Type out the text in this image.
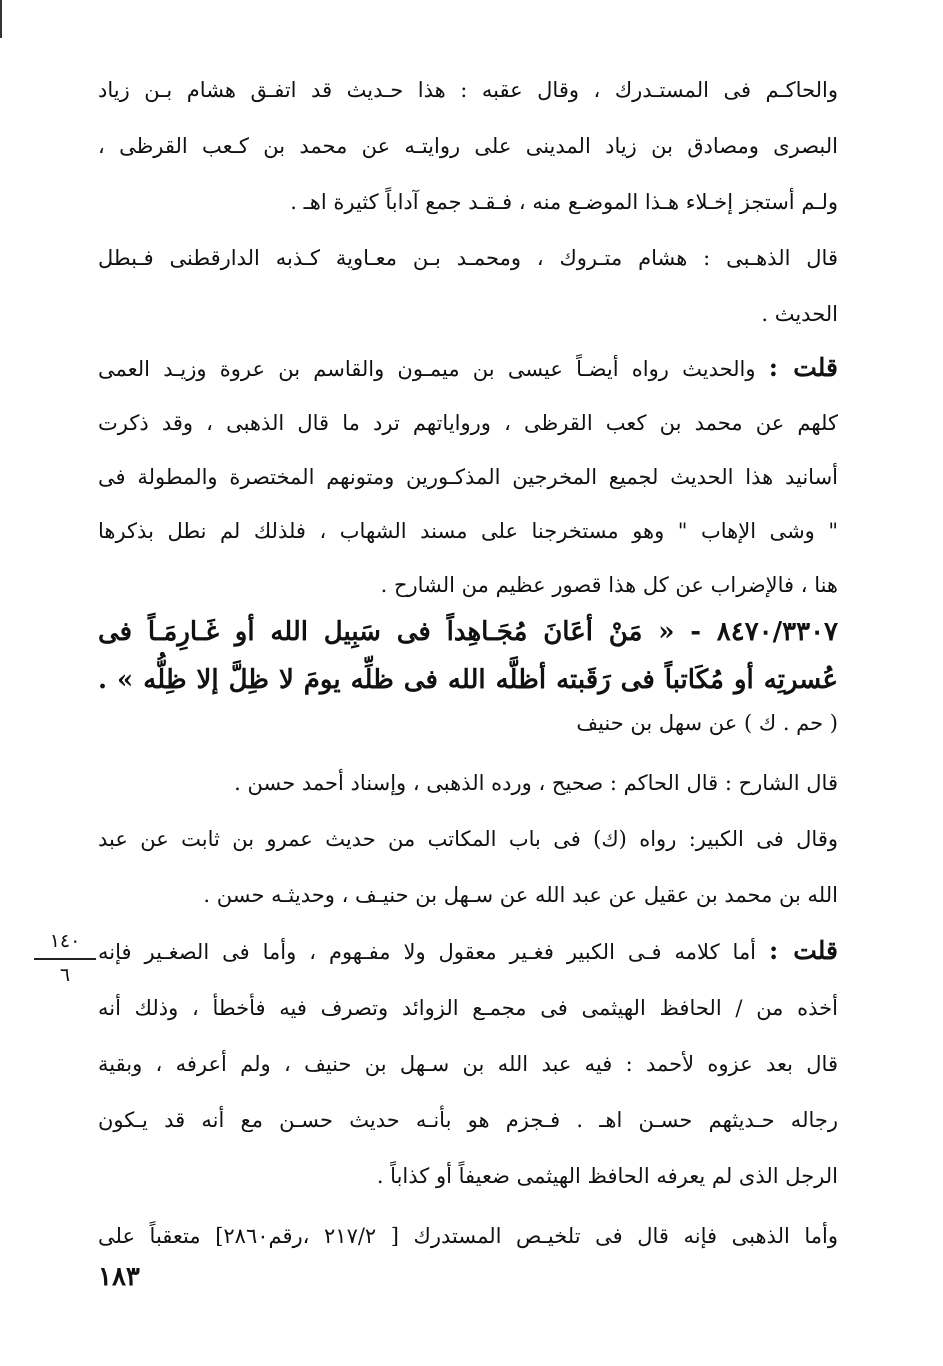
والحاكـم فى المستـدرك ، وقال عقبه : هذا حـديث قد اتفـق هشام بـن زياد
البصرى ومصادق بن زياد المدينى على روايتـه عن محمد بن كـعب القرظى ،
ولـم أستجز إخـلاء هـذا الموضـع منه ، فـقـد جمع آداباً كثيرة اهـ .
قال الذهـبى : هشام متـروك ، ومحمـد بـن معـاوية كـذبه الدارقطنى فـبطل
الحديث .
قلت : والحديث رواه أيضـاً عيسى بن ميمـون والقاسم بن عروة وزيـد العمى
كلهم عن محمد بن كعب القرظى ، ورواياتهم ترد ما قال الذهبى ، وقد ذكرت
أسانيد هذا الحديث لجميع المخرجين المذكـورين ومتونهم المختصرة والمطولة فى
" وشى الإهاب " وهو مستخرجنا على مسند الشهاب ، فلذلك لم نطل بذكرها
هنا ، فالإضراب عن كل هذا قصور عظيم من الشارح .
٨٤٧٠/٣٣٠٧ - « مَنْ أعَانَ مُجَـاهِداً فى سَبِيل الله أو غَـارِمَـاً فى
عُسرتِه أو مُكَاتباً فى رَقَبته أظلَّه الله فى ظلِّه يومَ لا ظِلَّ إلا ظِلُّه » .
( حم . ك ) عن سهل بن حنيف
قال الشارح : قال الحاكم : صحيح ، ورده الذهبى ، وإسناد أحمد حسن .
وقال فى الكبير: رواه (ك) فى باب المكاتب من حديث عمرو بن ثابت عن عبد
الله بن محمد بن عقيل عن عبد الله عن سـهل بن حنيـف ، وحديثـه حسن .
قلت : أما كلامه فـى الكبير فغـير معقول ولا مفـهوم ، وأما فى الصغـير فإنه
أخذه من / الحافظ الهيثمى فى مجمـع الزوائد وتصرف فيه فأخطأ ، وذلك أنه
قال بعد عزوه لأحمد : فيه عبد الله بن سـهل بن حنيف ، ولم أعرفه ، وبقية
رجاله حـديثهم حسـن اهـ . فـجزم هو بأنـه حديث حسـن مع أنه قد يـكون
الرجل الذى لم يعرفه الحافظ الهيثمى ضعيفاً أو كذاباً .
وأما الذهبى فإنه قال فى تلخيـص المستدرك [ ٢١٧/٢ ،رقم٢٨٦٠] متعقباً على
١٤٠
٦
١٨٣
